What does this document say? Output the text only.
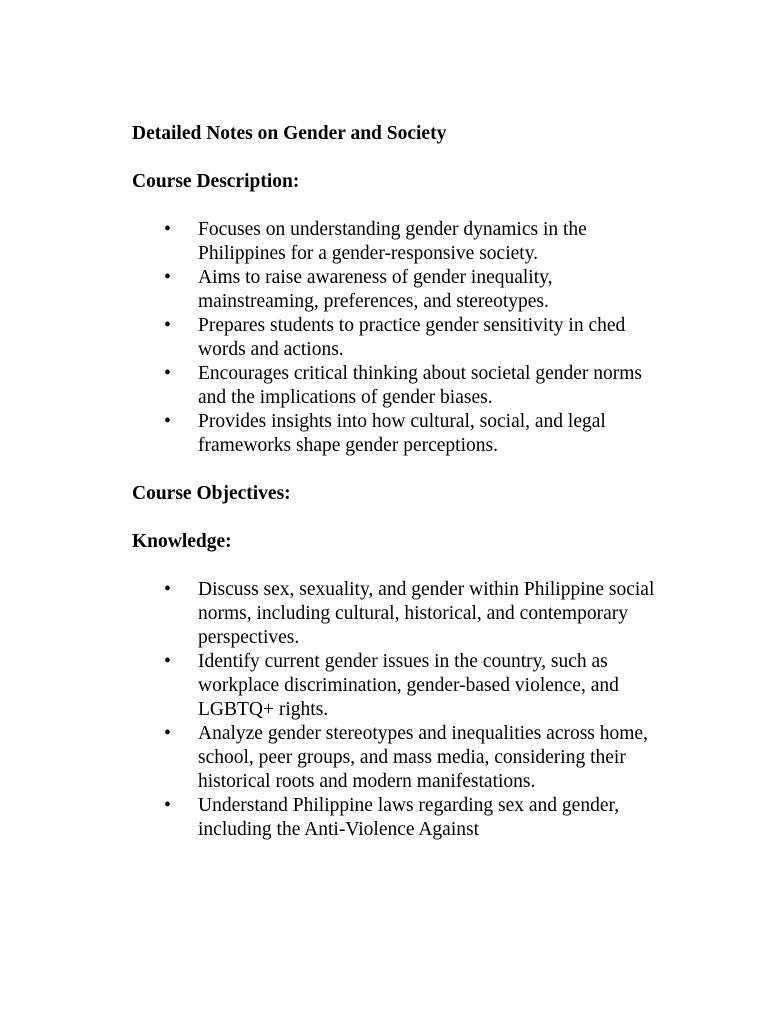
Detailed Notes on Gender and Society

Course Description:

• Focuses on understanding gender dynamics in the Philippines for a gender-responsive society.
• Aims to raise awareness of gender inequality, mainstreaming, preferences, and stereotypes.
• Prepares students to practice gender sensitivity in ched words and actions.
• Encourages critical thinking about societal gender norms and the implications of gender biases.
• Provides insights into how cultural, social, and legal frameworks shape gender perceptions.

Course Objectives:

Knowledge:

• Discuss sex, sexuality, and gender within Philippine social norms, including cultural, historical, and contemporary perspectives.
• Identify current gender issues in the country, such as workplace discrimination, gender-based violence, and LGBTQ+ rights.
• Analyze gender stereotypes and inequalities across home, school, peer groups, and mass media, considering their historical roots and modern manifestations.
• Understand Philippine laws regarding sex and gender, including the Anti-Violence Against
